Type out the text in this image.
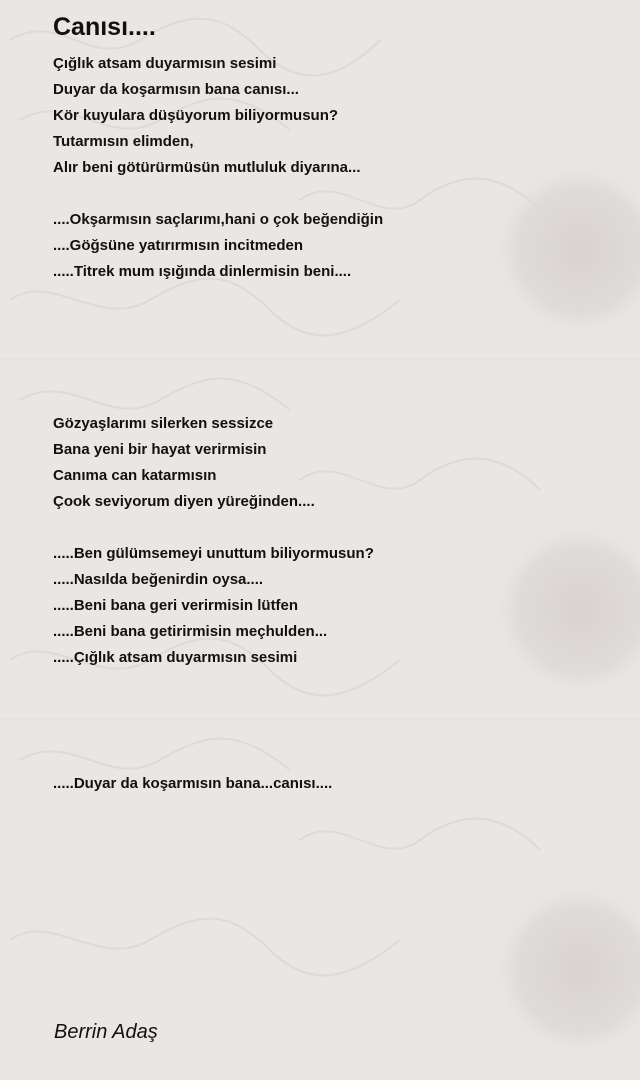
Canısı....

Çığlık atsam duyarmısın sesimi

Duyar da koşarmısın bana canısı...

Kör kuyulara düşüyorum biliyormusun?

Tutarmısın elimden,

Alır beni götürürmüsün mutluluk diyarına...

....Okşarmısın saçlarımı,hani o çok beğendiğin

....Göğsüne yatırırmısın incitmeden

.....Titrek mum ışığında dinlermisin beni....

Gözyaşlarımı silerken sessizce

Bana yeni bir hayat verirmisin

Canıma can katarmısın

Çook seviyorum diyen yüreğinden....

.....Ben gülümsemeyi unuttum biliyormusun?

.....Nasılda beğenirdin oysa....

.....Beni bana geri verirmisin lütfen

.....Beni bana getirirmisin meçhulden...

.....Çığlık atsam duyarmısın sesimi

.....Duyar da koşarmısın bana...canısı....

Berrin Adaş
